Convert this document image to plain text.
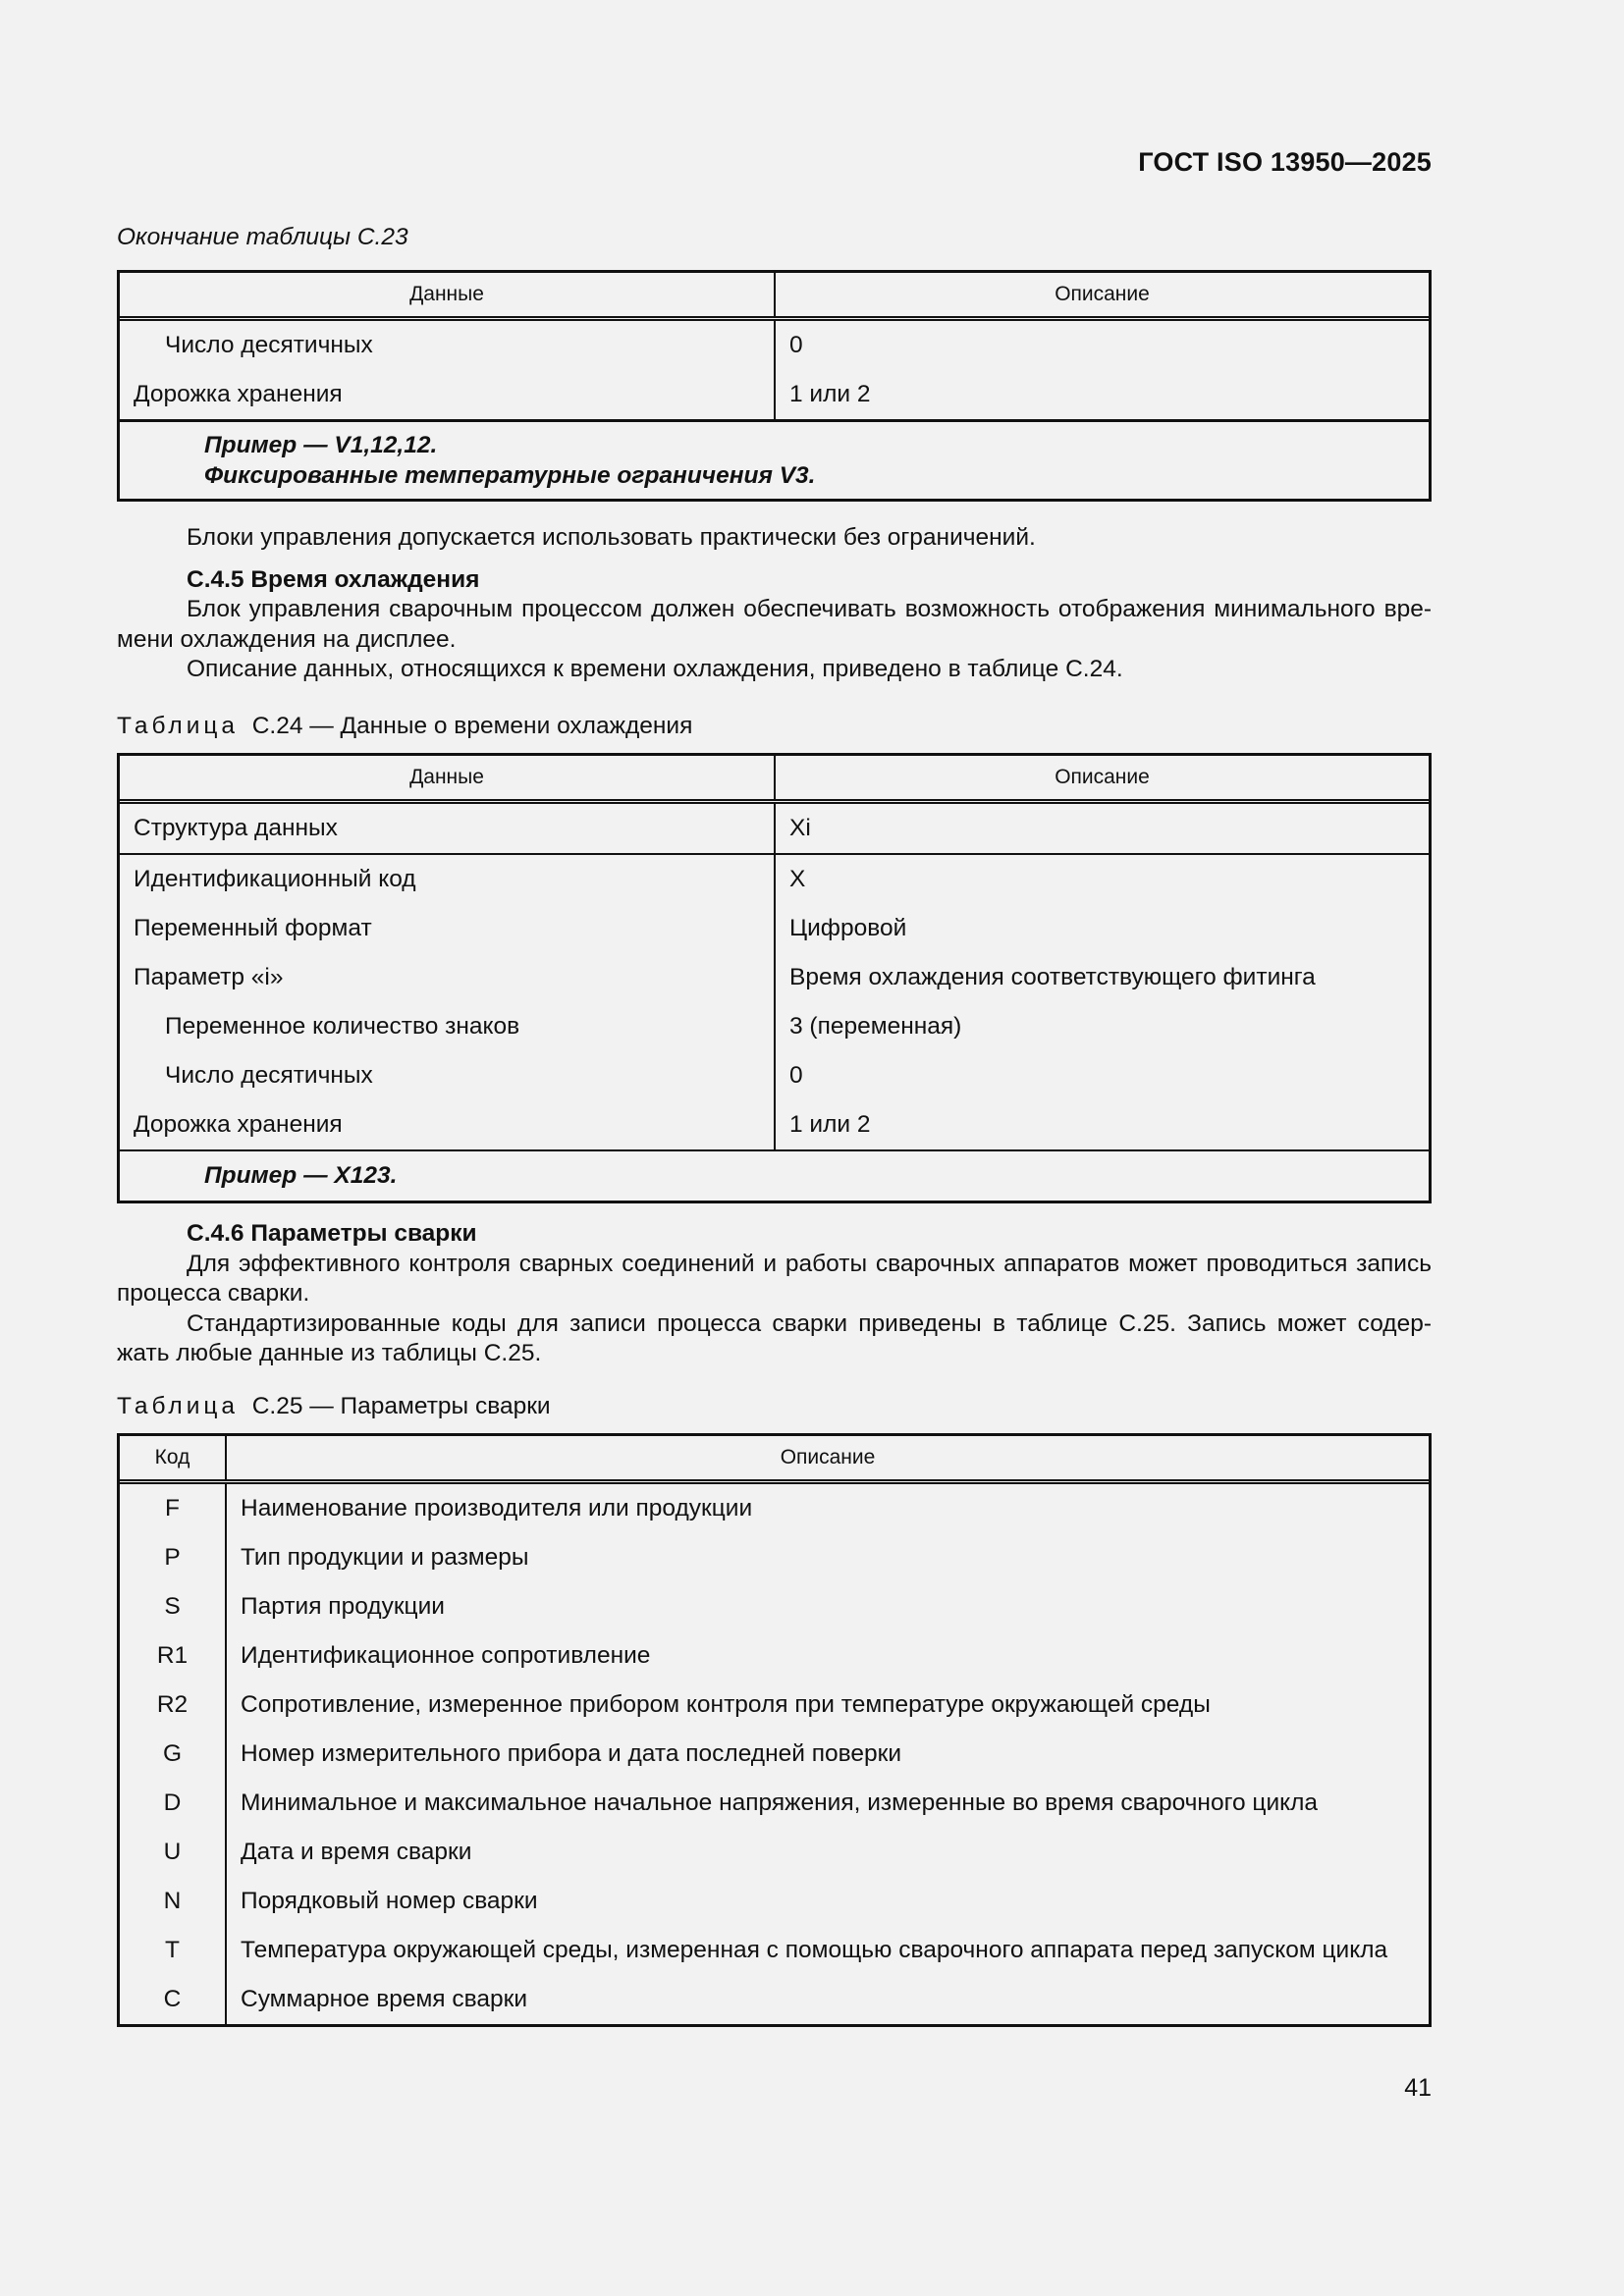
ГОСТ ISO 13950—2025
Окончание таблицы С.23
Данные	Описание
Число десятичных	0
Дорожка хранения	1 или 2
Пример — V1,12,12.
Фиксированные температурные ограничения V3.
Блоки управления допускается использовать практически без ограничений.
С.4.5 Время охлаждения
Блок управления сварочным процессом должен обеспечивать возможность отображения минимального вре-мени охлаждения на дисплее.
Описание данных, относящихся к времени охлаждения, приведено в таблице С.24.
Таблица С.24 — Данные о времени охлаждения
Данные	Описание
Структура данных	Xi
Идентификационный код	X
Переменный формат	Цифровой
Параметр «i»	Время охлаждения соответствующего фитинга
Переменное количество знаков	3 (переменная)
Число десятичных	0
Дорожка хранения	1 или 2
Пример — X123.
С.4.6 Параметры сварки
Для эффективного контроля сварных соединений и работы сварочных аппаратов может проводиться запись процесса сварки.
Стандартизированные коды для записи процесса сварки приведены в таблице С.25. Запись может содер-жать любые данные из таблицы С.25.
Таблица С.25 — Параметры сварки
Код	Описание
F	Наименование производителя или продукции
P	Тип продукции и размеры
S	Партия продукции
R1	Идентификационное сопротивление
R2	Сопротивление, измеренное прибором контроля при температуре окружающей среды
G	Номер измерительного прибора и дата последней поверки
D	Минимальное и максимальное начальное напряжения, измеренные во время сварочного цикла
U	Дата и время сварки
N	Порядковый номер сварки
T	Температура окружающей среды, измеренная с помощью сварочного аппарата перед запуском цикла
C	Суммарное время сварки
41
